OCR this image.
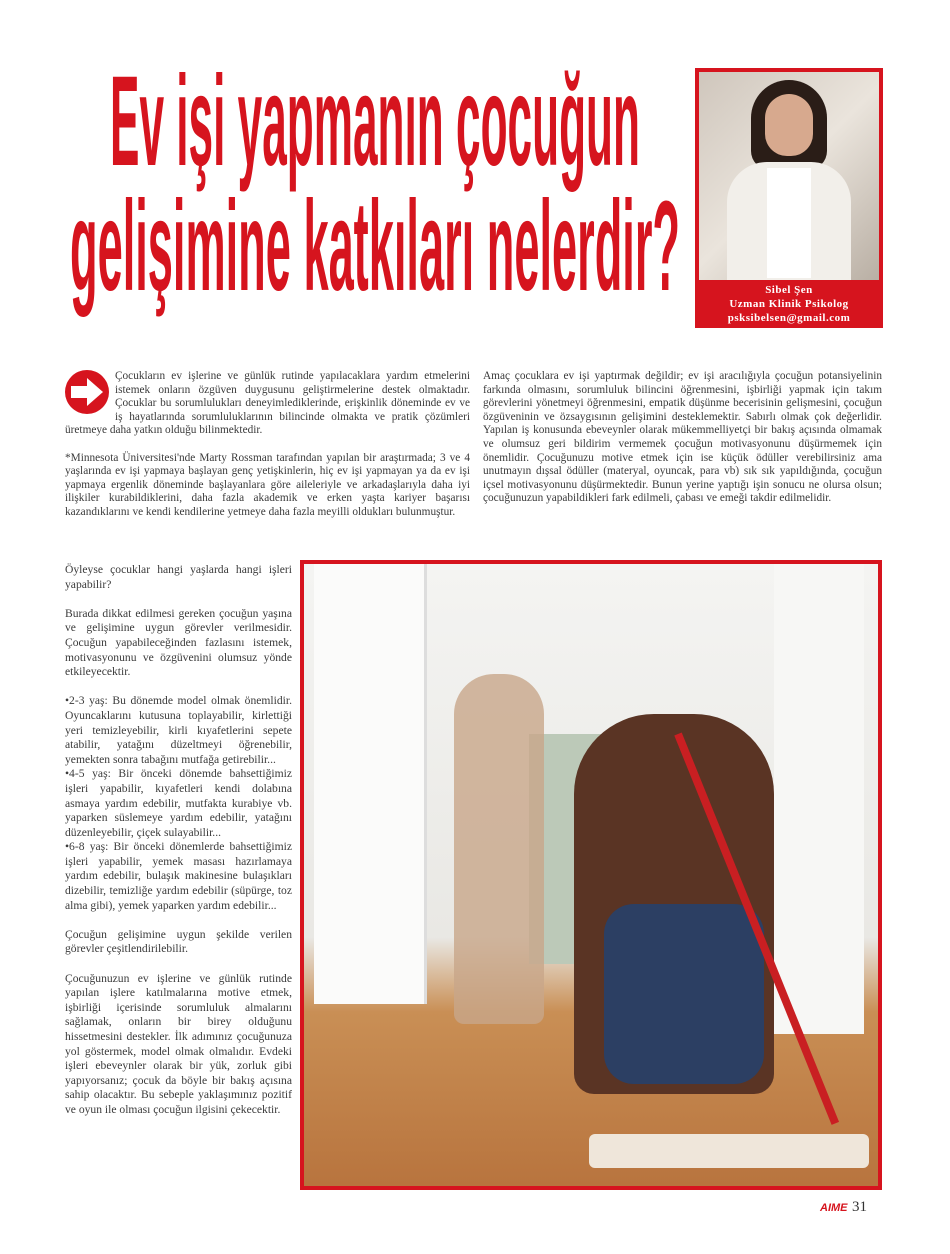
Ev işi yapmanın çocuğun
gelişimine katkıları nelerdir?	Sibel Şen
Uzman Klinik Psikolog
psksibelsen@gmail.com

Çocukların ev işlerine ve günlük rutinde yapılacaklara yardım etmelerini istemek onların özgüven duygusunu geliştirmelerine destek olmaktadır. Çocuklar bu sorumlulukları deneyimlediklerinde, erişkinlik döneminde ev ve iş hayatlarında sorumluluklarının bilincinde olmakta ve pratik çözümleri üretmeye daha yatkın olduğu bilinmektedir.

*Minnesota Üniversitesi'nde Marty Rossman tarafından yapılan bir araştırmada; 3 ve 4 yaşlarında ev işi yapmaya başlayan genç yetişkinlerin, hiç ev işi yapmayan ya da ev işi yapmaya ergenlik döneminde başlayanlara göre aileleriyle ve arkadaşlarıyla daha iyi ilişkiler kurabildiklerini, daha fazla akademik ve erken yaşta kariyer başarısı kazandıklarını ve kendi kendilerine yetmeye daha fazla meyilli oldukları bulunmuştur.

Amaç çocuklara ev işi yaptırmak değildir; ev işi aracılığıyla çocuğun potansiyelinin farkında olmasını, sorumluluk bilincini öğrenmesini, işbirliği yapmak için takım görevlerini yönetmeyi öğrenmesini, empatik düşünme becerisinin gelişmesini, çocuğun özgüveninin ve özsaygısının gelişimini desteklemektir. Sabırlı olmak çok değerlidir. Yapılan iş konusunda ebeveynler olarak mükemmelliyetçi bir bakış açısında olmamak ve olumsuz geri bildirim vermemek çocuğun motivasyonunu düşürmemek için önemlidir. Çocuğunuzu motive etmek için ise küçük ödüller verebilirsiniz ama unutmayın dışsal ödüller (materyal, oyuncak, para vb) sık sık yapıldığında, çocuğun içsel motivasyonunu düşürmektedir. Bunun yerine yaptığı işin sonucu ne olursa olsun; çocuğunuzun yapabildikleri fark edilmeli, çabası ve emeği takdir edilmelidir.

Öyleyse çocuklar hangi yaşlarda hangi işleri yapabilir?

Burada dikkat edilmesi gereken çocuğun yaşına ve gelişimine uygun görevler verilmesidir. Çocuğun yapabileceğinden fazlasını istemek, motivasyonunu ve özgüvenini olumsuz yönde etkileyecektir.

•2-3 yaş: Bu dönemde model olmak önemlidir. Oyuncaklarını kutusuna toplayabilir, kirlettiği yeri temizleyebilir, kirli kıyafetlerini sepete atabilir, yatağını düzeltmeyi öğrenebilir, yemekten sonra tabağını mutfağa getirebilir...

•4-5 yaş: Bir önceki dönemde bahsettiğimiz işleri yapabilir, kıyafetleri kendi dolabına asmaya yardım edebilir, mutfakta kurabiye vb. yaparken süslemeye yardım edebilir, yatağını düzenleyebilir, çiçek sulayabilir...

•6-8 yaş: Bir önceki dönemlerde bahsettiğimiz işleri yapabilir, yemek masası hazırlamaya yardım edebilir, bulaşık makinesine bulaşıkları dizebilir, temizliğe yardım edebilir (süpürge, toz alma gibi), yemek yaparken yardım edebilir...

Çocuğun gelişimine uygun şekilde verilen görevler çeşitlendirilebilir.

Çocuğunuzun ev işlerine ve günlük rutinde yapılan işlere katılmalarına motive etmek, işbirliği içerisinde sorumluluk almalarını sağlamak, onların bir birey olduğunu hissetmesini destekler. İlk adımınız çocuğunuza yol göstermek, model olmak olmalıdır. Evdeki işleri ebeveynler olarak bir yük, zorluk gibi yapıyorsanız; çocuk da böyle bir bakış açısına sahip olacaktır. Bu sebeple yaklaşımınız pozitif ve oyun ile olması çocuğun ilgisini çekecektir.

AIME 31
